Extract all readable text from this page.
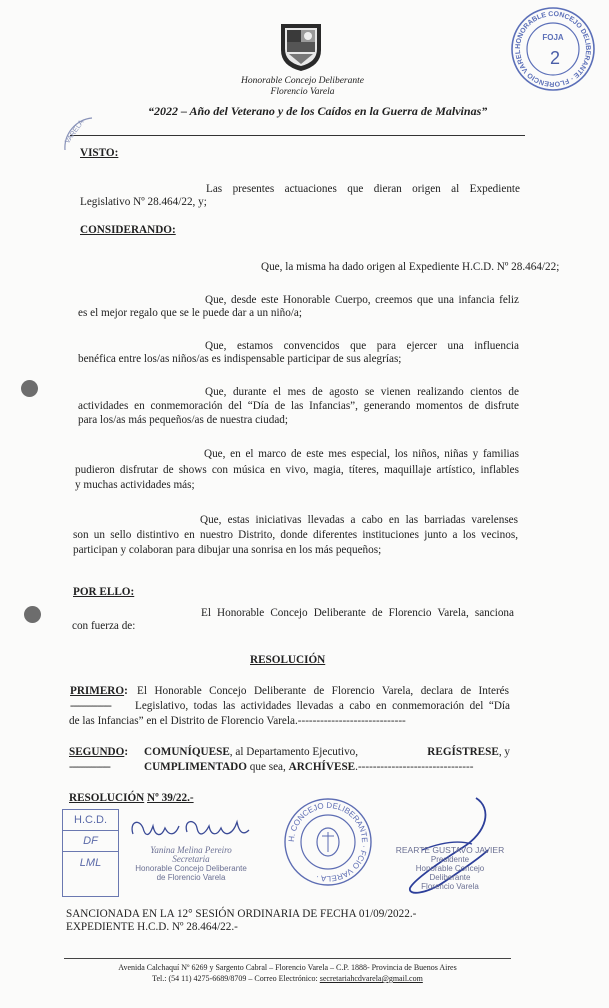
Honorable Concejo Deliberante
Florencio Varela
“2022 – Año del Veterano y de los Caídos en la Guerra de Malvinas”
HONORABLE CONCEJO DELIBERANTE · FLORENCIO VAREL
FOJA
2
VARELA
VISTO:
Las presentes actuaciones que dieran origen al Expediente
Legislativo Nº 28.464/22, y;
CONSIDERANDO:
Que, la misma ha dado origen al Expediente H.C.D. Nº 28.464/22;
Que, desde este Honorable Cuerpo, creemos que una infancia feliz
es el mejor regalo que se le puede dar a un niño/a;
Que, estamos convencidos que para ejercer una influencia
benéfica entre los/as niños/as es indispensable participar de sus alegrías;
Que, durante el mes de agosto se vienen realizando cientos de
actividades en conmemoración del “Día de las Infancias”, generando momentos de disfrute
para los/as más pequeños/as de nuestra ciudad;
Que, en el marco de este mes especial, los niños, niñas y familias
pudieron disfrutar de shows con música en vivo, magia, títeres, maquillaje artístico, inflables
y muchas actividades más;
Que, estas iniciativas llevadas a cabo en las barriadas varelenses
son un sello distintivo en nuestro Distrito, donde diferentes instituciones junto a los vecinos,
participan y colaboran para dibujar una sonrisa en los más pequeños;
POR ELLO:
El Honorable Concejo Deliberante de Florencio Varela, sanciona
con fuerza de:
RESOLUCIÓN
PRIMERO: El Honorable Concejo Deliberante de Florencio Varela, declara de Interés
--------------- Legislativo, todas las actividades llevadas a cabo en conmemoración del “Día
de las Infancias” en el Distrito de Florencio Varela.-----------------------------
SEGUNDO: COMUNÍQUESE, al Departamento Ejecutivo,	REGÍSTRESE, y
---------------	CUMPLIMENTADO que sea, ARCHÍVESE.-------------------------------
RESOLUCIÓN Nº 39/22.-
H.C.D.
DF
LML
Yanina Melina Pereiro
Secretaria
Honorable Concejo Deliberante
de Florencio Varela
H. CONCEJO DELIBERANTE · FCIO VARELA ·
REARTE GUSTAVO JAVIER
Presidente
Honorable Concejo Deliberante
Florencio Varela
SANCIONADA EN LA 12° SESIÓN ORDINARIA DE FECHA 01/09/2022.-
EXPEDIENTE H.C.D. Nº 28.464/22.-
Avenida Calchaquí Nº 6269 y Sargento Cabral – Florencio Varela – C.P. 1888- Provincia de Buenos Aires
Tel.: (54 11) 4275-6689/8709 – Correo Electrónico: secretariahcdvarela@gmail.com
